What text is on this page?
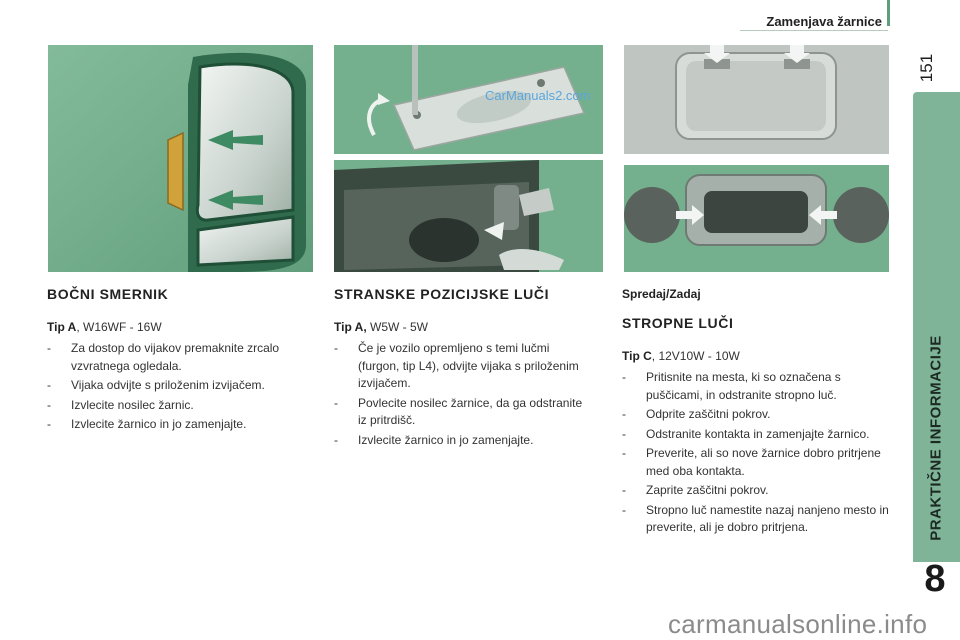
Zamenjava žarnice
151
PRAKTIČNE INFORMACIJE
8
CarManuals2.com
BOČNI SMERNIK
Tip A, W16WF - 16W
- Za dostop do vijakov premaknite zrcalo vzvratnega ogledala.
- Vijaka odvijte s priloženim izvijačem.
- Izvlecite nosilec žarnic.
- Izvlecite žarnico in jo zamenjajte.
STRANSKE POZICIJSKE LUČI
Tip A, W5W - 5W
- Če je vozilo opremljeno s temi lučmi (furgon, tip L4), odvijte vijaka s priloženim izvijačem.
- Povlecite nosilec žarnice, da ga odstranite iz pritrdišč.
- Izvlecite žarnico in jo zamenjajte.
Spredaj/Zadaj
STROPNE LUČI
Tip C, 12V10W - 10W
- Pritisnite na mesta, ki so označena s puščicami, in odstranite stropno luč.
- Odprite zaščitni pokrov.
- Odstranite kontakta in zamenjajte žarnico.
- Preverite, ali so nove žarnice dobro pritrjene med oba kontakta.
- Zaprite zaščitni pokrov.
- Stropno luč namestite nazaj nanjeno mesto in preverite, ali je dobro pritrjena.
carmanualsonline.info
